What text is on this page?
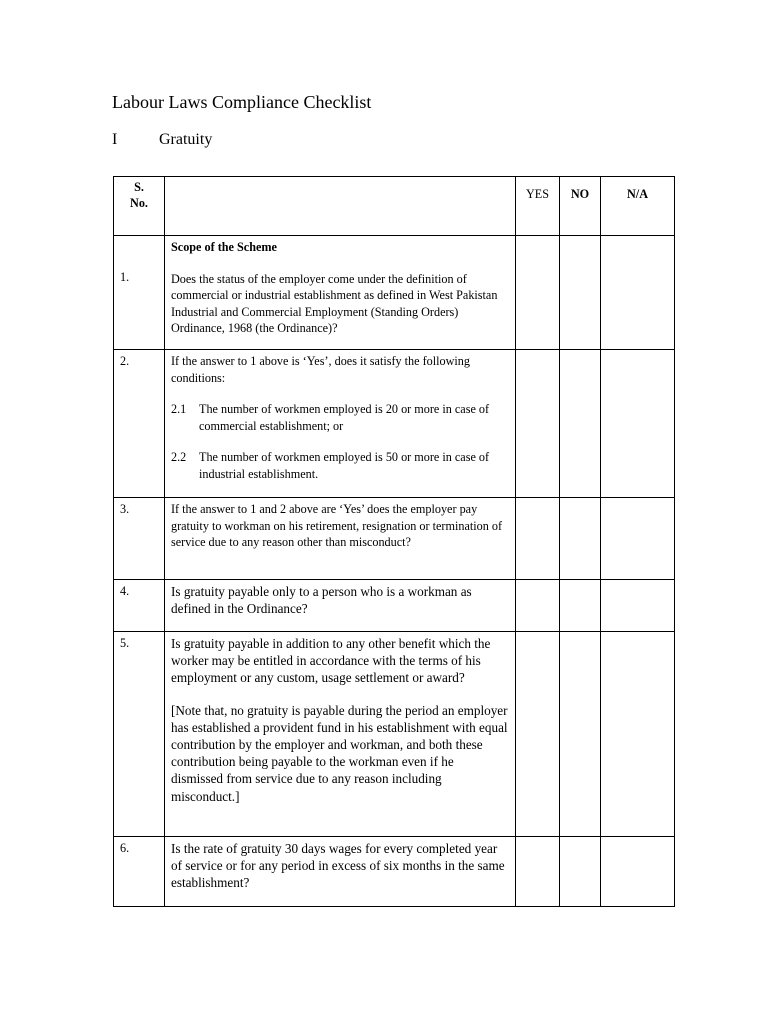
Labour Laws Compliance Checklist
I	Gratuity
S.
No.		YES	NO	N/A

1.	Scope of the Scheme

Does the status of the employer come under the definition of commercial or industrial establishment as defined in West Pakistan Industrial and Commercial Employment (Standing Orders) Ordinance, 1968 (the Ordinance)?			

2.	If the answer to 1 above is ‘Yes’, does it satisfy the following conditions:

2.1 The number of workmen employed is 20 or more in case of commercial establishment; or

2.2 The number of workmen employed is 50 or more in case of industrial establishment.			

3.	If the answer to 1 and 2 above are ‘Yes’ does the employer pay gratuity to workman on his retirement, resignation or termination of service due to any reason other than misconduct?			

4.	Is gratuity payable only to a person who is a workman as defined in the Ordinance?			

5.	Is gratuity payable in addition to any other benefit which the worker may be entitled in accordance with the terms of his employment or any custom, usage settlement or award?

[Note that, no gratuity is payable during the period an employer has established a provident fund in his establishment with equal contribution by the employer and workman, and both these contribution being payable to the workman even if he dismissed from service due to any reason including misconduct.]			

6.	Is the rate of gratuity 30 days wages for every completed year of service or for any period in excess of six months in the same establishment?			
